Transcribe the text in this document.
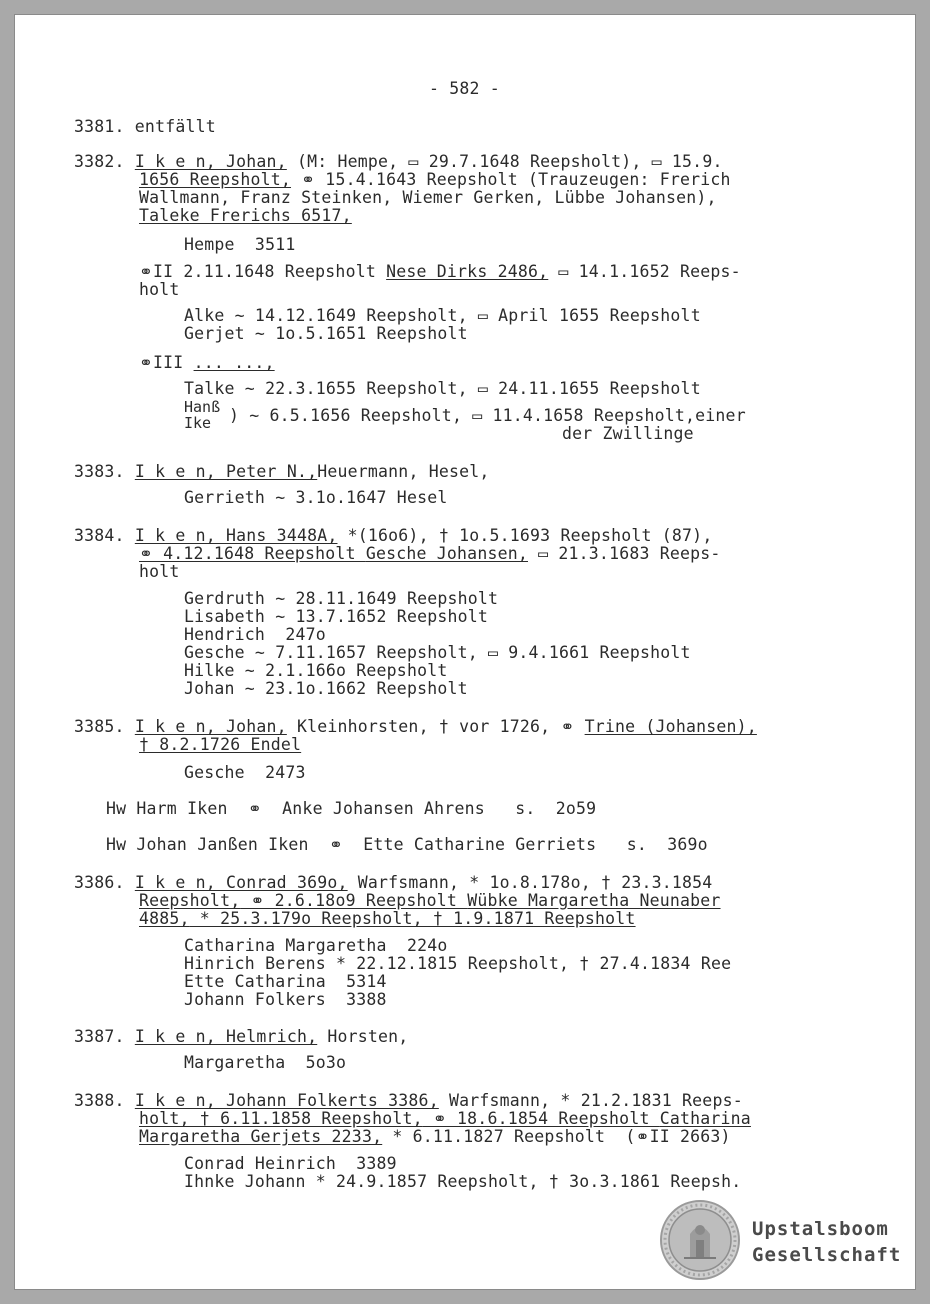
- 582 -
3381. entfällt
3382. I k e n, Johan, (M: Hempe, ▭ 29.7.1648 Reepsholt), ▭ 15.9.
1656 Reepsholt, ⚭ 15.4.1643 Reepsholt (Trauzeugen: Frerich
Wallmann, Franz Steinken, Wiemer Gerken, Lübbe Johansen),
Taleke Frerichs 6517,
Hempe  3511
⚭II 2.11.1648 Reepsholt Nese Dirks 2486, ▭ 14.1.1652 Reeps-
holt
Alke ~ 14.12.1649 Reepsholt, ▭ April 1655 Reepsholt
Gerjet ~ 1o.5.1651 Reepsholt
⚭III ... ...,
Talke ~ 22.3.1655 Reepsholt, ▭ 24.11.1655 Reepsholt
Hanß
Ike ) ~ 6.5.1656 Reepsholt, ▭ 11.4.1658 Reepsholt,einer
der Zwillinge
3383. I k e n, Peter N.,Heuermann, Hesel,
Gerrieth ~ 3.1o.1647 Hesel
3384. I k e n, Hans 3448A, *(16o6), † 1o.5.1693 Reepsholt (87),
⚭ 4.12.1648 Reepsholt Gesche Johansen, ▭ 21.3.1683 Reeps-
holt
Gerdruth ~ 28.11.1649 Reepsholt
Lisabeth ~ 13.7.1652 Reepsholt
Hendrich  247o
Gesche ~ 7.11.1657 Reepsholt, ▭ 9.4.1661 Reepsholt
Hilke ~ 2.1.166o Reepsholt
Johan ~ 23.1o.1662 Reepsholt
3385. I k e n, Johan, Kleinhorsten, † vor 1726, ⚭ Trine (Johansen),
† 8.2.1726 Endel
Gesche  2473
Hw Harm Iken  ⚭  Anke Johansen Ahrens   s.  2o59
Hw Johan Janßen Iken  ⚭  Ette Catharine Gerriets   s.  369o
3386. I k e n, Conrad 369o, Warfsmann, * 1o.8.178o, † 23.3.1854
Reepsholt, ⚭ 2.6.18o9 Reepsholt Wübke Margaretha Neunaber
4885, * 25.3.179o Reepsholt, † 1.9.1871 Reepsholt
Catharina Margaretha  224o
Hinrich Berens * 22.12.1815 Reepsholt, † 27.4.1834 Ree
Ette Catharina  5314
Johann Folkers  3388
3387. I k e n, Helmrich, Horsten,
Margaretha  5o3o
3388. I k e n, Johann Folkerts 3386, Warfsmann, * 21.2.1831 Reeps-
holt, † 6.11.1858 Reepsholt, ⚭ 18.6.1854 Reepsholt Catharina
Margaretha Gerjets 2233, * 6.11.1827 Reepsholt  (⚭II 2663)
Conrad Heinrich  3389
Ihnke Johann * 24.9.1857 Reepsholt, † 3o.3.1861 Reepsh.
Upstalsboom
Gesellschaft
